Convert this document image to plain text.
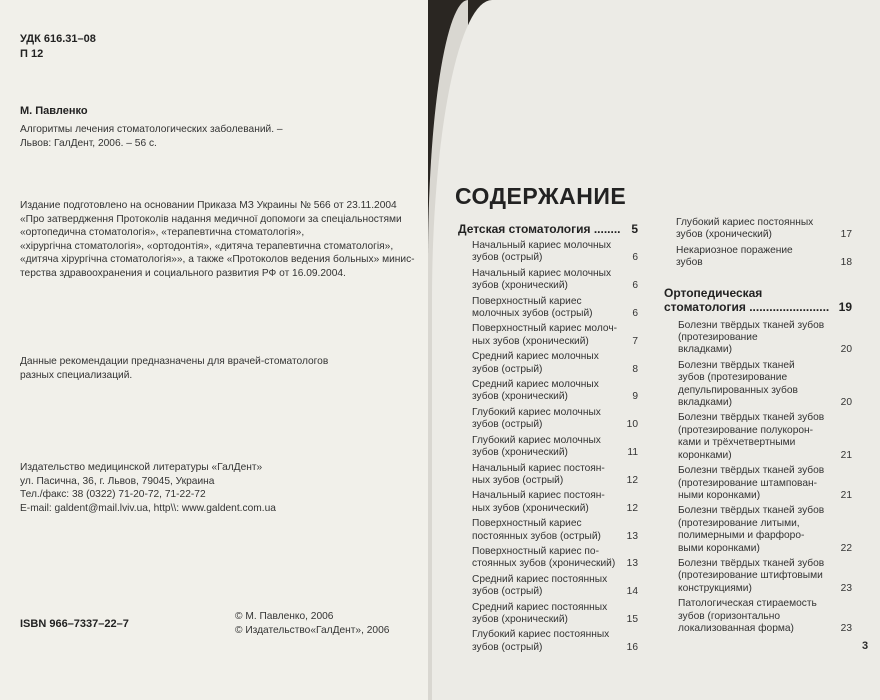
УДК 616.31–08
П 12
М. Павленко
Алгоритмы лечения стоматологических заболеваний. –
Львов: ГалДент, 2006. – 56 с.
Издание подготовлено на основании Приказа МЗ Украины № 566 от 23.11.2004
«Про затвердження Протоколів надання медичної допомоги за спеціальностями
«ортопедична стоматологія», «терапевтична стоматологія»,
«хірургічна стоматологія», «ортодонтія», «дитяча терапевтична стоматологія»,
«дитяча хірургічна стоматологія»», а также «Протоколов ведения больных» минис-
терства здравоохранения и социального развития РФ от 16.09.2004.
Данные рекомендации предназначены для врачей-стоматологов
разных специализаций.
Издательство медицинской литературы «ГалДент»
ул. Пасична, 36, г. Львов, 79045, Украина
Тел./факс: 38 (0322) 71-20-72, 71-22-72
E-mail: galdent@mail.lviv.ua, http\\: www.galdent.com.ua
ISBN 966–7337–22–7
© М. Павленко, 2006
© Издательство«ГалДент», 2006
СОДЕРЖАНИЕ
Детская стоматология ........ 5
Начальный кариес молочных
зубов (острый)	6
Начальный кариес молочных
зубов (хронический)	6
Поверхностный кариес
молочных зубов (острый)	6
Поверхностный кариес молоч-
ных зубов (хронический)	7
Средний кариес молочных
зубов (острый)	8
Средний кариес молочных
зубов (хронический)	9
Глубокий кариес молочных
зубов (острый)	10
Глубокий кариес молочных
зубов (хронический)	11
Начальный кариес постоян-
ных зубов (острый)	12
Начальный кариес постоян-
ных зубов (хронический)	12
Поверхностный кариес
постоянных зубов (острый)	13
Поверхностный кариес по-
стоянных зубов (хронический)	13
Средний кариес постоянных
зубов (острый)	14
Средний кариес постоянных
зубов (хронический)	15
Глубокий кариес постоянных
зубов (острый)	16
Глубокий кариес постоянных
зубов (хронический)	17
Некариозное поражение
зубов	18
Ортопедическая
стоматология ........................ 19
Болезни твёрдых тканей зубов
(протезирование
вкладками)	20
Болезни твёрдых тканей
зубов (протезирование
депульпированных зубов
вкладками)	20
Болезни твёрдых тканей зубов
(протезирование полукорон-
ками и трёхчетвертными
коронками)	21
Болезни твёрдых тканей зубов
(протезирование штампован-
ными коронками)	21
Болезни твёрдых тканей зубов
(протезирование литыми,
полимерными и фарфоро-
выми коронками)	22
Болезни твёрдых тканей зубов
(протезирование штифтовыми
конструкциями)	23
Патологическая стираемость
зубов (горизонтально
локализованная форма)	23
3
